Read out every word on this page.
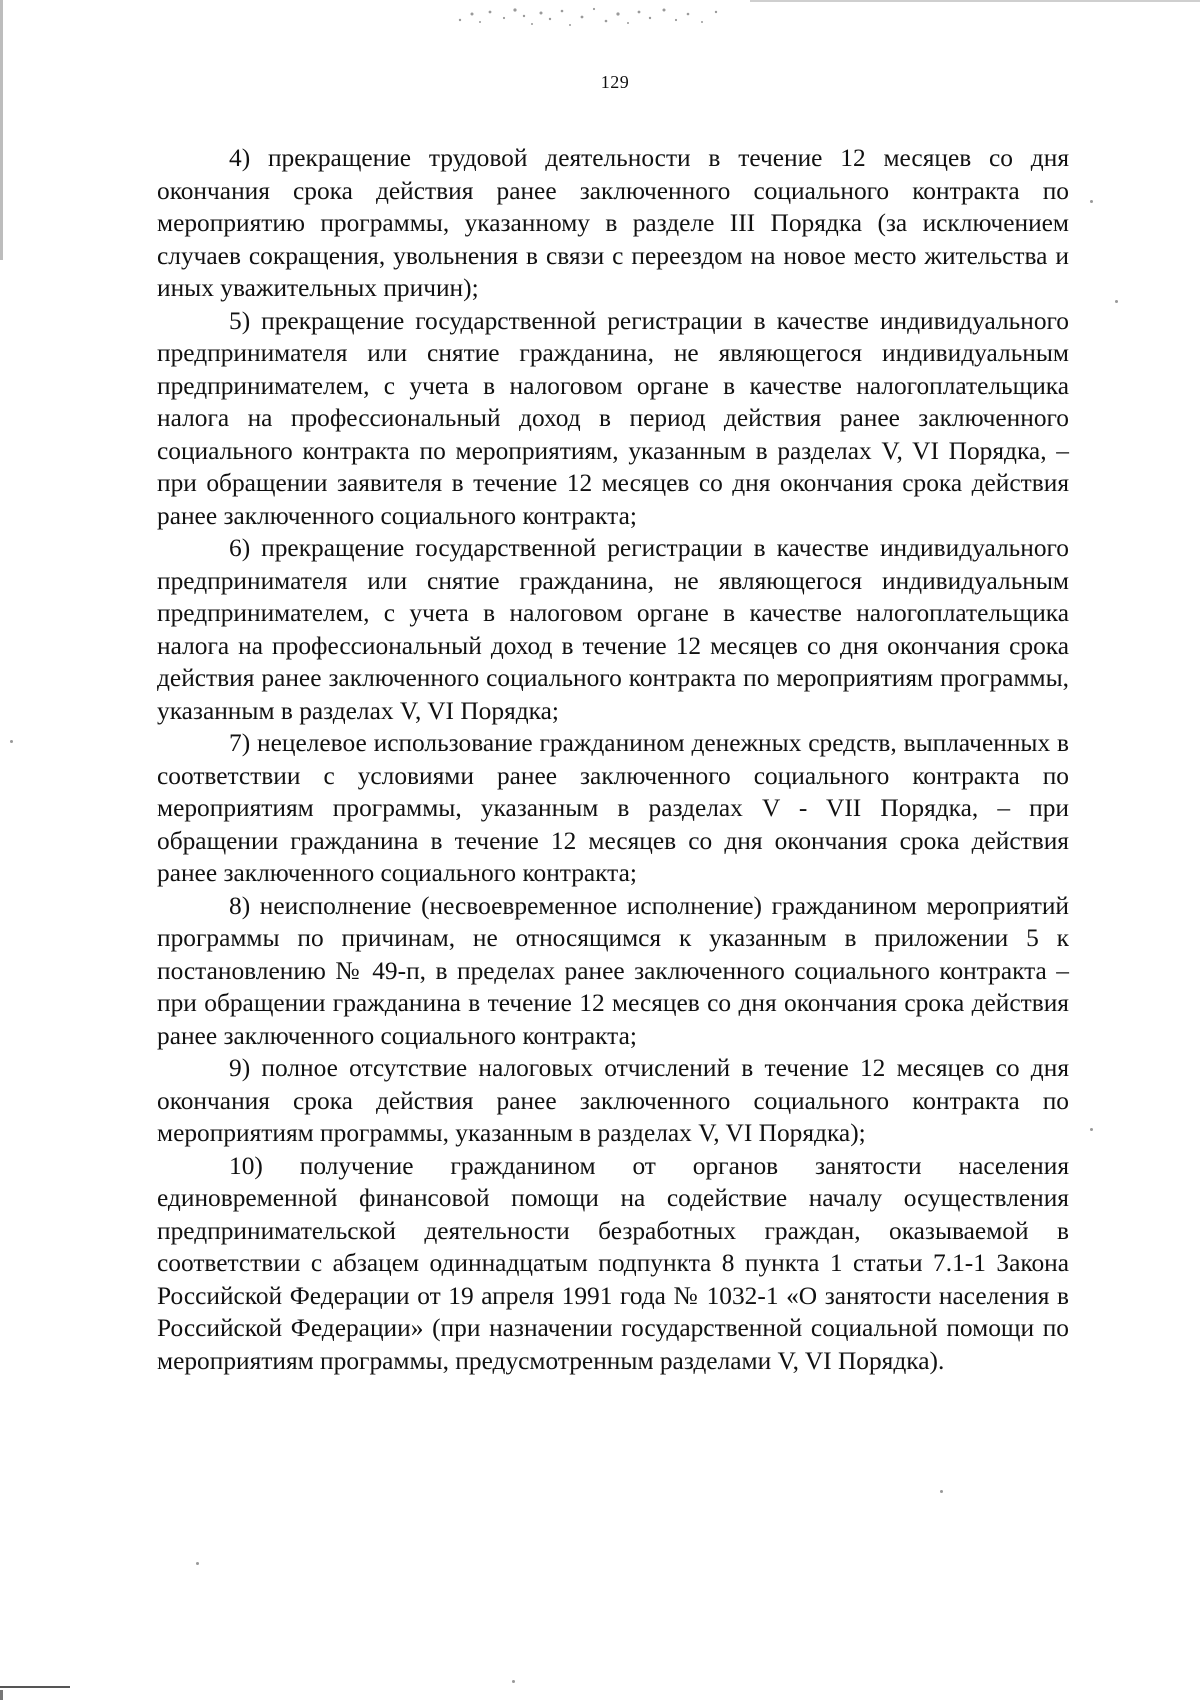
129

4) прекращение трудовой деятельности в течение 12 месяцев со дня окончания срока действия ранее заключенного социального контракта по мероприятию программы, указанному в разделе III Порядка (за исключением случаев сокращения, увольнения в связи с переездом на новое место жительства и иных уважительных причин);

5) прекращение государственной регистрации в качестве индивидуального предпринимателя или снятие гражданина, не являющегося индивидуальным предпринимателем, с учета в налоговом органе в качестве налогоплательщика налога на профессиональный доход в период действия ранее заключенного социального контракта по мероприятиям, указанным в разделах V, VI Порядка, – при обращении заявителя в течение 12 месяцев со дня окончания срока действия ранее заключенного социального контракта;

6) прекращение государственной регистрации в качестве индивидуального предпринимателя или снятие гражданина, не являющегося индивидуальным предпринимателем, с учета в налоговом органе в качестве налогоплательщика налога на профессиональный доход в течение 12 месяцев со дня окончания срока действия ранее заключенного социального контракта по мероприятиям программы, указанным в разделах V, VI Порядка;

7) нецелевое использование гражданином денежных средств, выплаченных в соответствии с условиями ранее заключенного социального контракта по мероприятиям программы, указанным в разделах V - VII Порядка, – при обращении гражданина в течение 12 месяцев со дня окончания срока действия ранее заключенного социального контракта;

8) неисполнение (несвоевременное исполнение) гражданином мероприятий программы по причинам, не относящимся к указанным в приложении 5 к постановлению № 49-п, в пределах ранее заключенного социального контракта – при обращении гражданина в течение 12 месяцев со дня окончания срока действия ранее заключенного социального контракта;

9) полное отсутствие налоговых отчислений в течение 12 месяцев со дня окончания срока действия ранее заключенного социального контракта по мероприятиям программы, указанным в разделах V, VI Порядка);

10) получение гражданином от органов занятости населения единовременной финансовой помощи на содействие началу осуществления предпринимательской деятельности безработных граждан, оказываемой в соответствии с абзацем одиннадцатым подпункта 8 пункта 1 статьи 7.1-1 Закона Российской Федерации от 19 апреля 1991 года № 1032-1 «О занятости населения в Российской Федерации» (при назначении государственной социальной помощи по мероприятиям программы, предусмотренным разделами V, VI Порядка).
